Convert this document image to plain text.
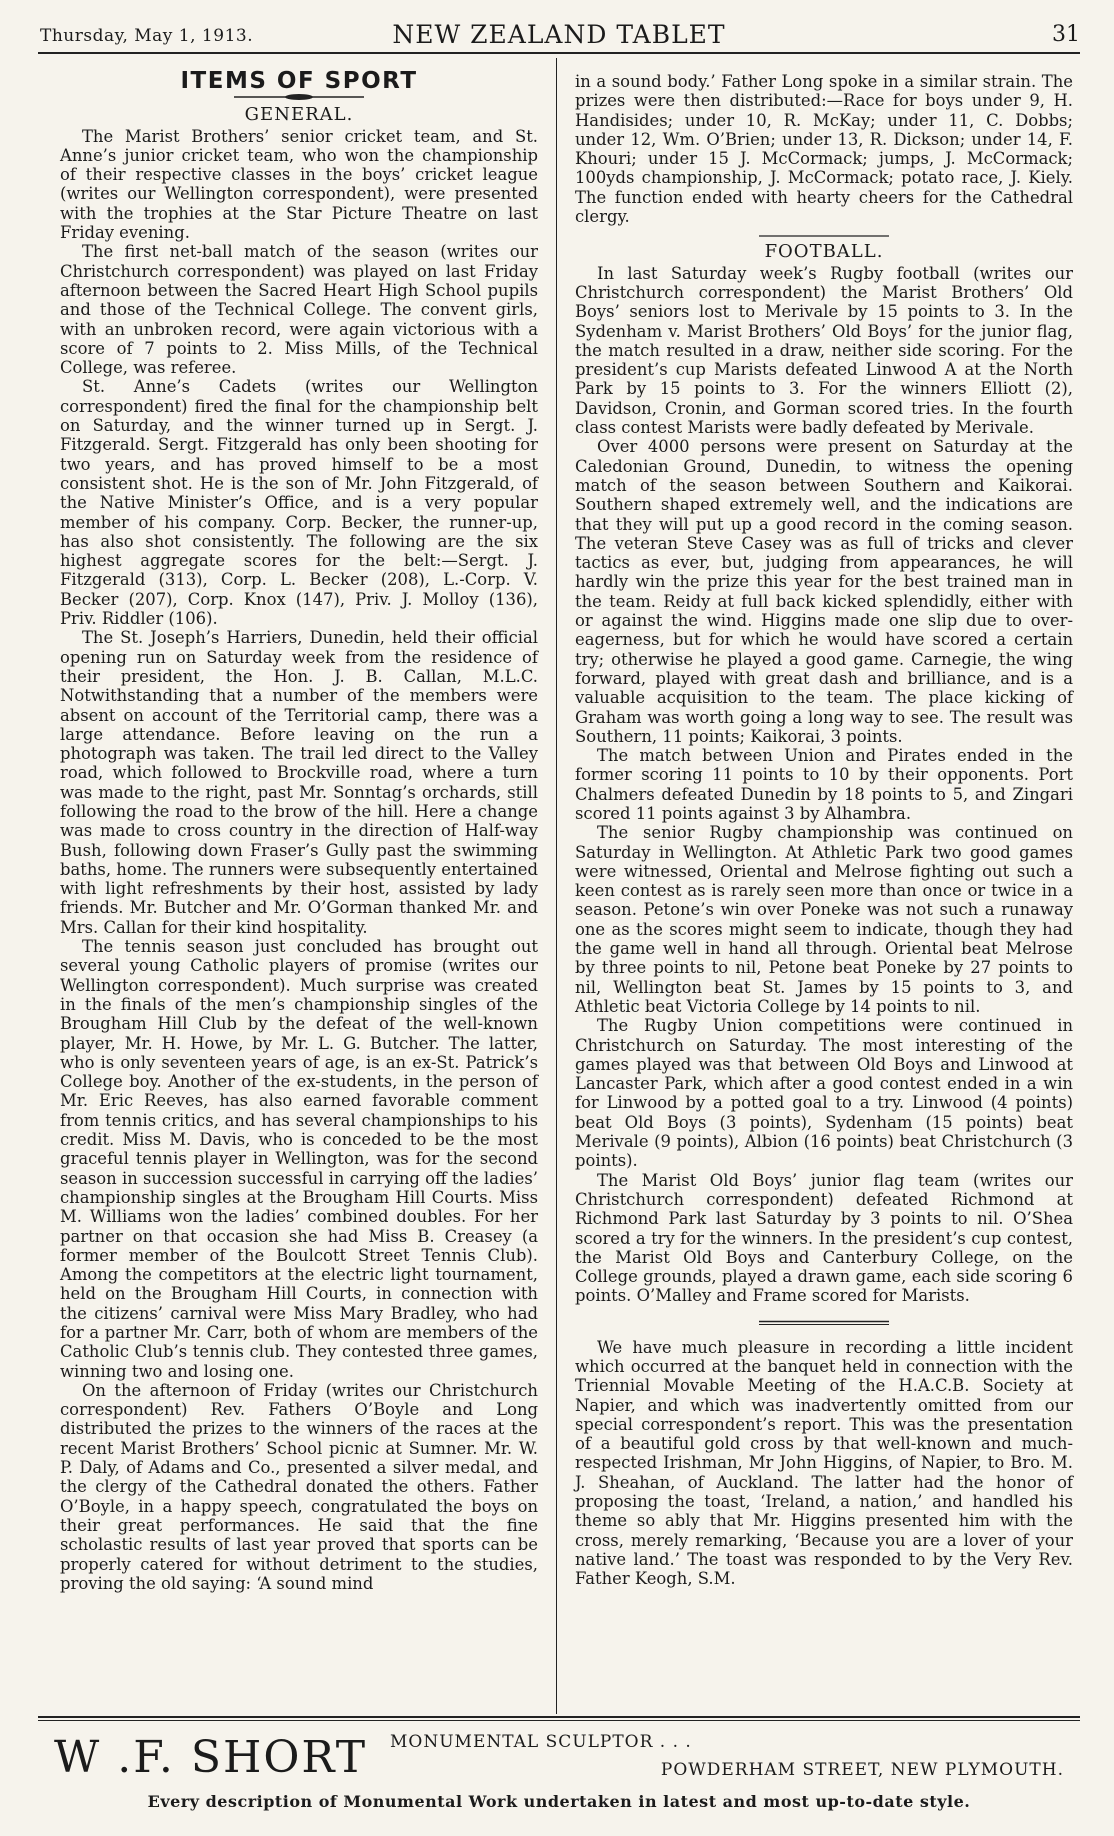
Thursday, May 1, 1913.	NEW ZEALAND TABLET	31
ITEMS OF SPORT
GENERAL.

The Marist Brothers’ senior cricket team, and St. Anne’s junior cricket team, who won the championship of their respective classes in the boys’ cricket league (writes our Wellington correspondent), were presented with the trophies at the Star Picture Theatre on last Friday evening.

The first net-ball match of the season (writes our Christchurch correspondent) was played on last Friday afternoon between the Sacred Heart High School pupils and those of the Technical College. The convent girls, with an unbroken record, were again victorious with a score of 7 points to 2. Miss Mills, of the Technical College, was referee.

St. Anne’s Cadets (writes our Wellington correspondent) fired the final for the championship belt on Saturday, and the winner turned up in Sergt. J. Fitzgerald. Sergt. Fitzgerald has only been shooting for two years, and has proved himself to be a most consistent shot. He is the son of Mr. John Fitzgerald, of the Native Minister’s Office, and is a very popular member of his company. Corp. Becker, the runner-up, has also shot consistently. The following are the six highest aggregate scores for the belt:—Sergt. J. Fitzgerald (313), Corp. L. Becker (208), L.-Corp. V. Becker (207), Corp. Knox (147), Priv. J. Molloy (136), Priv. Riddler (106).

The St. Joseph’s Harriers, Dunedin, held their official opening run on Saturday week from the residence of their president, the Hon. J. B. Callan, M.L.C. Notwithstanding that a number of the members were absent on account of the Territorial camp, there was a large attendance. Before leaving on the run a photograph was taken. The trail led direct to the Valley road, which followed to Brockville road, where a turn was made to the right, past Mr. Sonntag’s orchards, still following the road to the brow of the hill. Here a change was made to cross country in the direction of Half-way Bush, following down Fraser’s Gully past the swimming baths, home. The runners were subsequently entertained with light refreshments by their host, assisted by lady friends. Mr. Butcher and Mr. O’Gorman thanked Mr. and Mrs. Callan for their kind hospitality.

The tennis season just concluded has brought out several young Catholic players of promise (writes our Wellington correspondent). Much surprise was created in the finals of the men’s championship singles of the Brougham Hill Club by the defeat of the well-known player, Mr. H. Howe, by Mr. L. G. Butcher. The latter, who is only seventeen years of age, is an ex-St. Patrick’s College boy. Another of the ex-students, in the person of Mr. Eric Reeves, has also earned favorable comment from tennis critics, and has several championships to his credit. Miss M. Davis, who is conceded to be the most graceful tennis player in Wellington, was for the second season in succession successful in carrying off the ladies’ championship singles at the Brougham Hill Courts. Miss M. Williams won the ladies’ combined doubles. For her partner on that occasion she had Miss B. Creasey (a former member of the Boulcott Street Tennis Club). Among the competitors at the electric light tournament, held on the Brougham Hill Courts, in connection with the citizens’ carnival were Miss Mary Bradley, who had for a partner Mr. Carr, both of whom are members of the Catholic Club’s tennis club. They contested three games, winning two and losing one.

On the afternoon of Friday (writes our Christchurch correspondent) Rev. Fathers O’Boyle and Long distributed the prizes to the winners of the races at the recent Marist Brothers’ School picnic at Sumner. Mr. W. P. Daly, of Adams and Co., presented a silver medal, and the clergy of the Cathedral donated the others. Father O’Boyle, in a happy speech, congratulated the boys on their great performances. He said that the fine scholastic results of last year proved that sports can be properly catered for without detriment to the studies, proving the old saying: ‘A sound mind

in a sound body.’ Father Long spoke in a similar strain. The prizes were then distributed:—Race for boys under 9, H. Handisides; under 10, R. McKay; under 11, C. Dobbs; under 12, Wm. O’Brien; under 13, R. Dickson; under 14, F. Khouri; under 15 J. McCormack; jumps, J. McCormack; 100yds championship, J. McCormack; potato race, J. Kiely. The function ended with hearty cheers for the Cathedral clergy.

FOOTBALL.

In last Saturday week’s Rugby football (writes our Christchurch correspondent) the Marist Brothers’ Old Boys’ seniors lost to Merivale by 15 points to 3. In the Sydenham v. Marist Brothers’ Old Boys’ for the junior flag, the match resulted in a draw, neither side scoring. For the president’s cup Marists defeated Linwood A at the North Park by 15 points to 3. For the winners Elliott (2), Davidson, Cronin, and Gorman scored tries. In the fourth class contest Marists were badly defeated by Merivale.

Over 4000 persons were present on Saturday at the Caledonian Ground, Dunedin, to witness the opening match of the season between Southern and Kaikorai. Southern shaped extremely well, and the indications are that they will put up a good record in the coming season. The veteran Steve Casey was as full of tricks and clever tactics as ever, but, judging from appearances, he will hardly win the prize this year for the best trained man in the team. Reidy at full back kicked splendidly, either with or against the wind. Higgins made one slip due to over-eagerness, but for which he would have scored a certain try; otherwise he played a good game. Carnegie, the wing forward, played with great dash and brilliance, and is a valuable acquisition to the team. The place kicking of Graham was worth going a long way to see. The result was Southern, 11 points; Kaikorai, 3 points.

The match between Union and Pirates ended in the former scoring 11 points to 10 by their opponents. Port Chalmers defeated Dunedin by 18 points to 5, and Zingari scored 11 points against 3 by Alhambra.

The senior Rugby championship was continued on Saturday in Wellington. At Athletic Park two good games were witnessed, Oriental and Melrose fighting out such a keen contest as is rarely seen more than once or twice in a season. Petone’s win over Poneke was not such a runaway one as the scores might seem to indicate, though they had the game well in hand all through. Oriental beat Melrose by three points to nil, Petone beat Poneke by 27 points to nil, Wellington beat St. James by 15 points to 3, and Athletic beat Victoria College by 14 points to nil.

The Rugby Union competitions were continued in Christchurch on Saturday. The most interesting of the games played was that between Old Boys and Linwood at Lancaster Park, which after a good contest ended in a win for Linwood by a potted goal to a try. Linwood (4 points) beat Old Boys (3 points), Sydenham (15 points) beat Merivale (9 points), Albion (16 points) beat Christchurch (3 points).

The Marist Old Boys’ junior flag team (writes our Christchurch correspondent) defeated Richmond at Richmond Park last Saturday by 3 points to nil. O’Shea scored a try for the winners. In the president’s cup contest, the Marist Old Boys and Canterbury College, on the College grounds, played a drawn game, each side scoring 6 points. O’Malley and Frame scored for Marists.

We have much pleasure in recording a little incident which occurred at the banquet held in connection with the Triennial Movable Meeting of the H.A.C.B. Society at Napier, and which was inadvertently omitted from our special correspondent’s report. This was the presentation of a beautiful gold cross by that well-known and much-respected Irishman, Mr John Higgins, of Napier, to Bro. M. J. Sheahan, of Auckland. The latter had the honor of proposing the toast, ‘Ireland, a nation,’ and handled his theme so ably that Mr. Higgins presented him with the cross, merely remarking, ‘Because you are a lover of your native land.’ The toast was responded to by the Very Rev. Father Keogh, S.M.

W .F. SHORT MONUMENTAL SCULPTOR . . .
POWDERHAM STREET, NEW PLYMOUTH.
Every description of Monumental Work undertaken in latest and most up-to-date style.
